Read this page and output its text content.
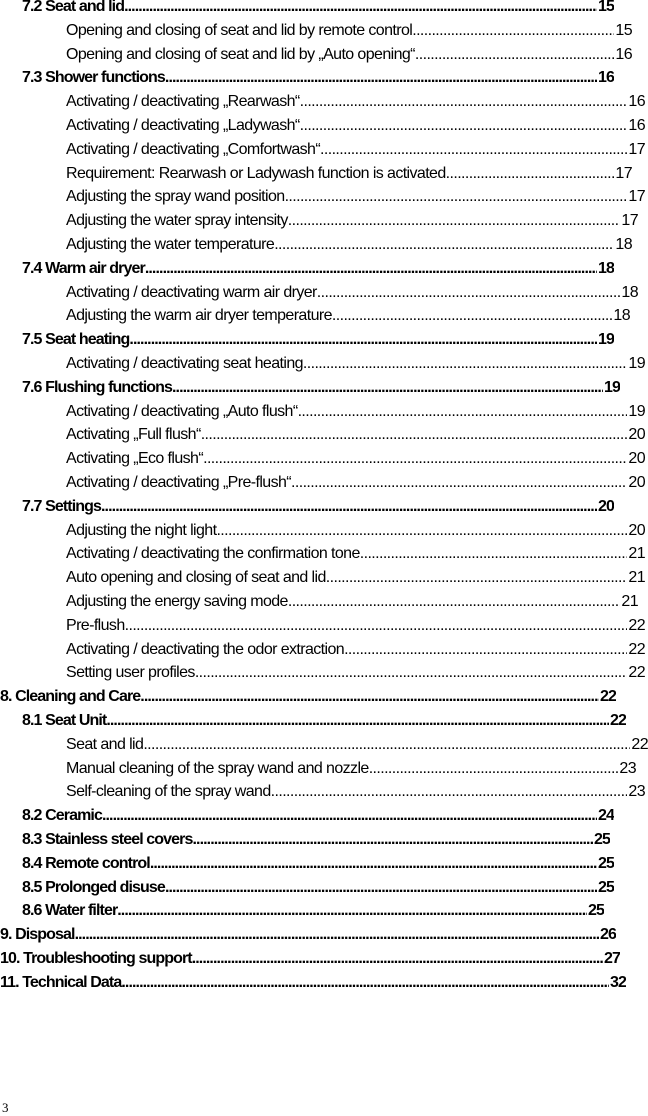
7.2 Seat and lid .....	15
Opening and closing of seat and lid by remote control .....	15
Opening and closing of seat and lid by „Auto opening“ .....	16
7.3 Shower functions .....	16
Activating / deactivating „Rearwash“ .....	16
Activating / deactivating „Ladywash“ .....	16
Activating / deactivating „Comfortwash“ .....	17
Requirement: Rearwash or Ladywash function is activated. .....	17
Adjusting the spray wand position .....	17
Adjusting the water spray intensity .....	17
Adjusting the water temperature .....	18
7.4 Warm air dryer .....	18
Activating / deactivating warm air dryer .....	18
Adjusting the warm air dryer temperature .....	18
7.5 Seat heating .....	19
Activating / deactivating seat heating .....	19
7.6 Flushing functions .....	19
Activating / deactivating „Auto flush“ .....	19
Activating „Full flush“ .....	20
Activating „Eco flush“ .....	20
Activating / deactivating „Pre-flush“ .....	20
7.7 Settings .....	20
Adjusting the night light .....	20
Activating / deactivating the confirmation tone .....	21
Auto opening and closing of seat and lid .....	21
Adjusting the energy saving mode .....	21
Pre-flush .....	22
Activating / deactivating the odor extraction .....	22
Setting user profiles .....	22
8. Cleaning and Care .....	22
8.1 Seat Unit .....	22
Seat and lid .....	22
Manual cleaning of the spray wand and nozzle .....	23
Self-cleaning of the spray wand .....	23
8.2 Ceramic .....	24
8.3 Stainless steel covers .....	25
8.4 Remote control .....	25
8.5 Prolonged disuse .....	25
8.6 Water filter .....	25
9. Disposal .....	26
10. Troubleshooting support .....	27
11. Technical Data .....	32
3
